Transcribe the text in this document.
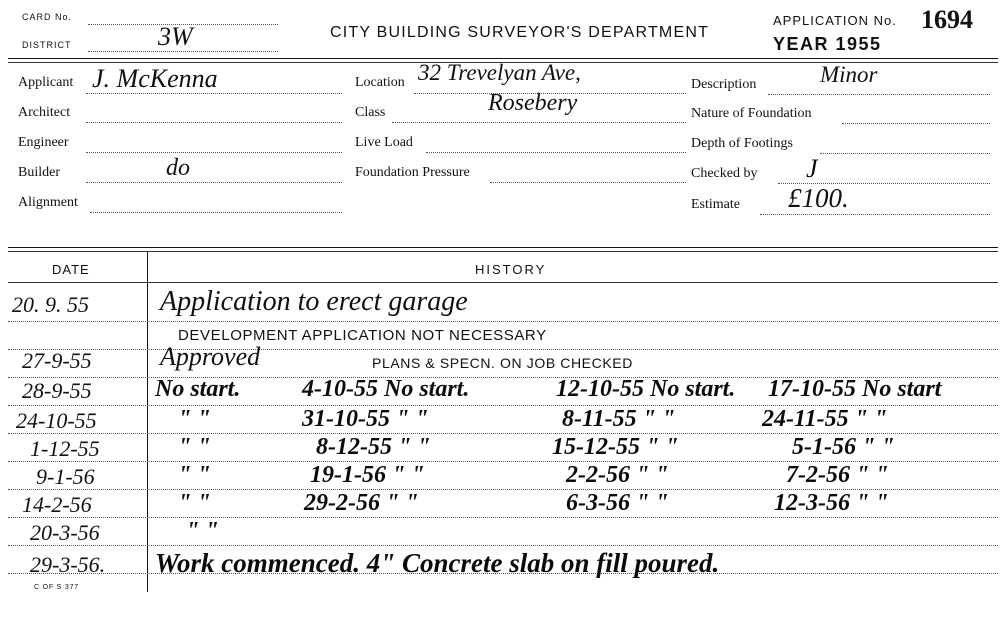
CARD No.
DISTRICT	3W	CITY BUILDING SURVEYOR'S DEPARTMENT
APPLICATION No. 1694
YEAR 1955
Applicant J. McKenna
Architect
Engineer
Builder	do
Alignment
Location 32 Trevelyan Ave,
Rosebery
Class
Live Load
Foundation Pressure
Description	Minor
Nature of Foundation
Depth of Footings
Checked by J
Estimate £100.
DATE	HISTORY
20. 9. 55	Application to erect garage
DEVELOPMENT APPLICATION NOT NECESSARY
27-9-55	Approved	PLANS & SPECN. ON JOB CHECKED
28-9-55	No start.	4-10-55 No start.	12-10-55 No start. 17-10-55 No start
24-10-55	" "	31-10-55 " "	8-11-55 " "	24-11-55 " "
1-12-55	" "	8-12-55 " "	15-12-55 " "	5-1-56 " "
9-1-56	" "	19-1-56 " "	2-2-56 " "	7-2-56 " "
14-2-56	" "	29-2-56 " "	6-3-56 " "	12-3-56 " "
20-3-56	" "
29-3-56. Work commenced. 4" Concrete slab on fill poured.
C OF S 377
